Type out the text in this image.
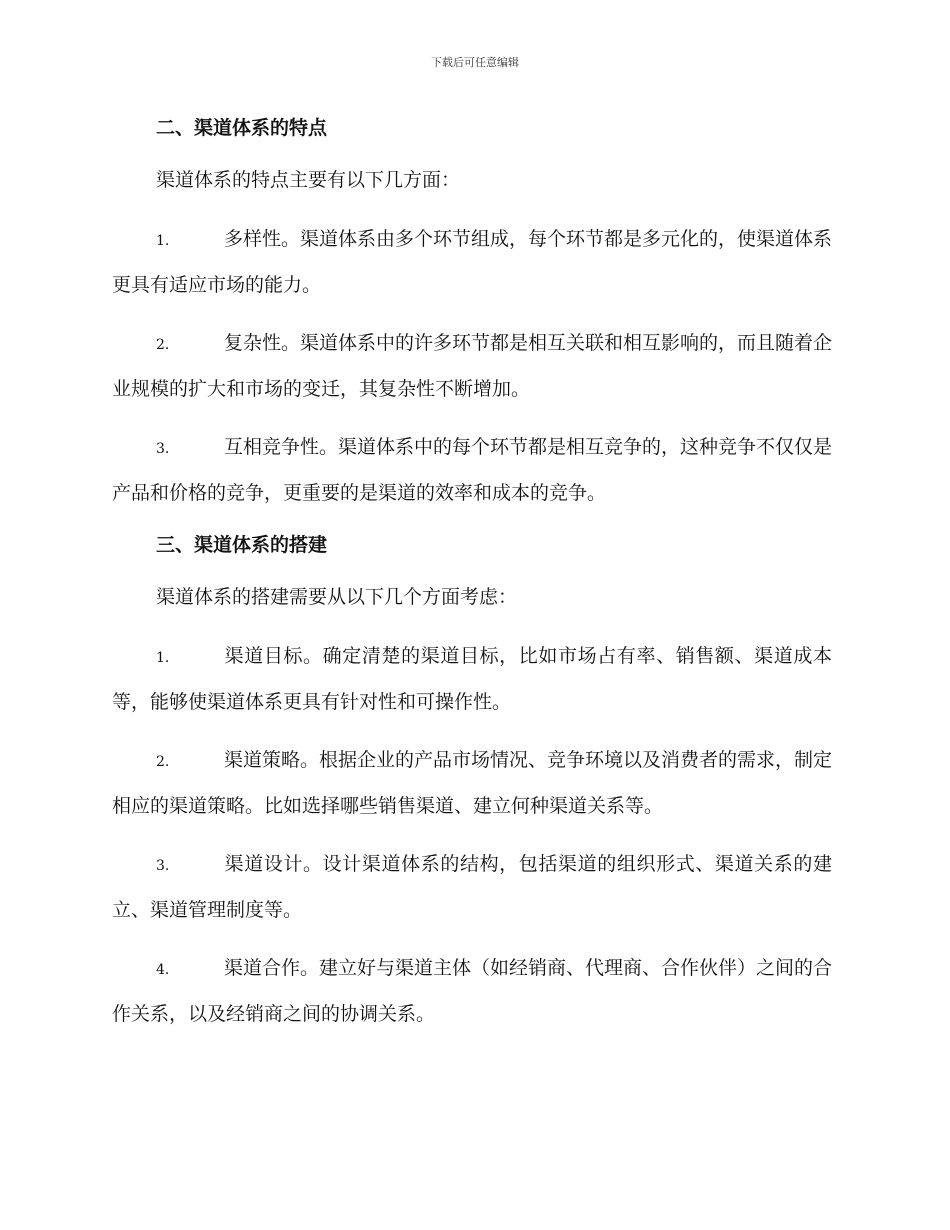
下载后可任意编辑
二、渠道体系的特点
渠道体系的特点主要有以下几方面：
1.	多样性。渠道体系由多个环节组成，每个环节都是多元化的，使渠道体系更具有适应市场的能力。
2.	复杂性。渠道体系中的许多环节都是相互关联和相互影响的，而且随着企业规模的扩大和市场的变迁，其复杂性不断增加。
3.	互相竞争性。渠道体系中的每个环节都是相互竞争的，这种竞争不仅仅是产品和价格的竞争，更重要的是渠道的效率和成本的竞争。
三、渠道体系的搭建
渠道体系的搭建需要从以下几个方面考虑：
1.	渠道目标。确定清楚的渠道目标，比如市场占有率、销售额、渠道成本等，能够使渠道体系更具有针对性和可操作性。
2.	渠道策略。根据企业的产品市场情况、竞争环境以及消费者的需求，制定相应的渠道策略。比如选择哪些销售渠道、建立何种渠道关系等。
3.	渠道设计。设计渠道体系的结构，包括渠道的组织形式、渠道关系的建立、渠道管理制度等。
4.	渠道合作。建立好与渠道主体（如经销商、代理商、合作伙伴）之间的合作关系，以及经销商之间的协调关系。
